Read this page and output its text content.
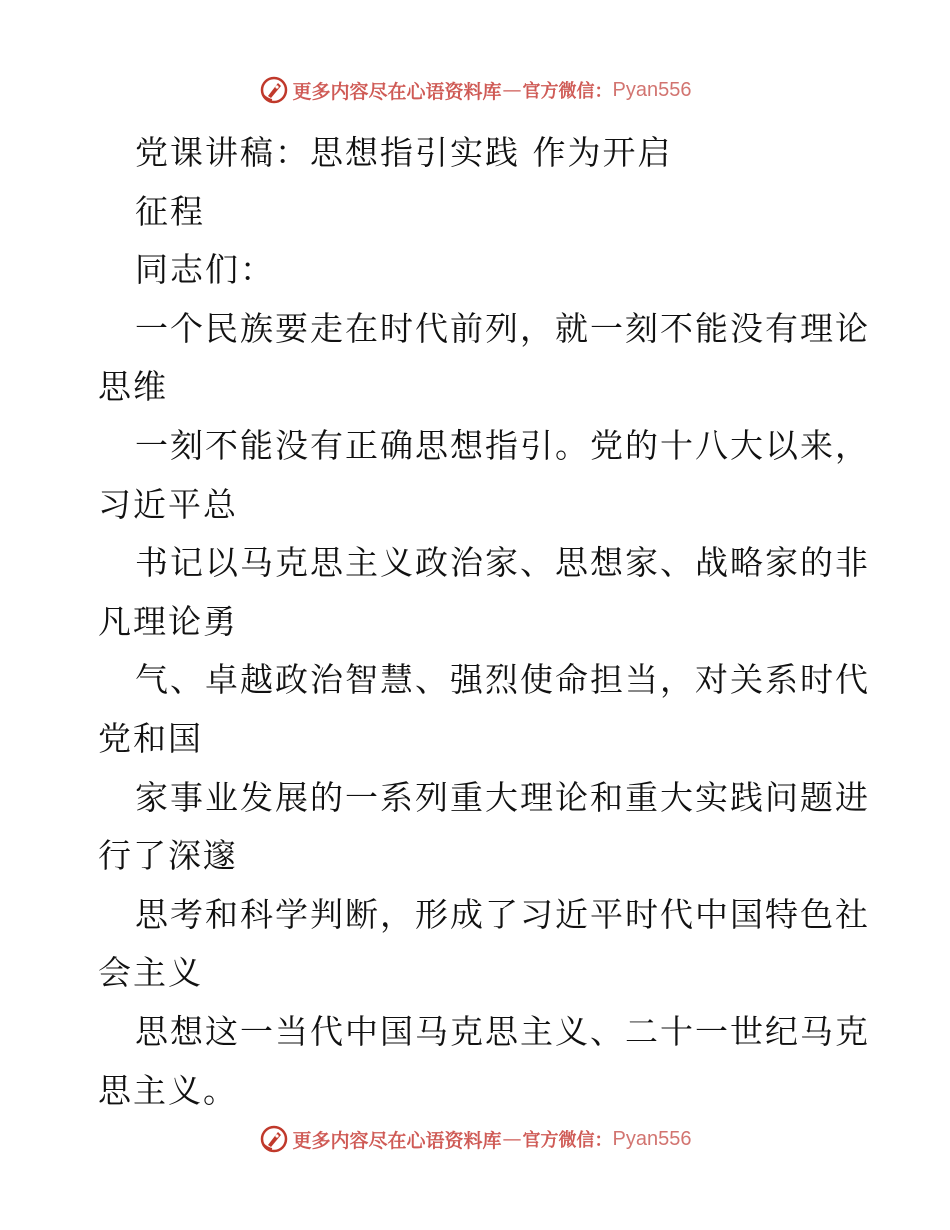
更多内容尽在心语资料库 — 官方微信： Pyan556
党课讲稿：思想指引实践 作为开启
征程
同志们：
一个民族要走在时代前列，就一刻不能没有理论
思维
一刻不能没有正确思想指引。党的十八大以来，
习近平总
书记以马克思主义政治家、思想家、战略家的非
凡理论勇
气、卓越政治智慧、强烈使命担当，对关系时代
党和国
家事业发展的一系列重大理论和重大实践问题进
行了深邃
思考和科学判断，形成了习近平时代中国特色社
会主义
思想这一当代中国马克思主义、二十一世纪马克
思主义。
更多内容尽在心语资料库 — 官方微信： Pyan556
